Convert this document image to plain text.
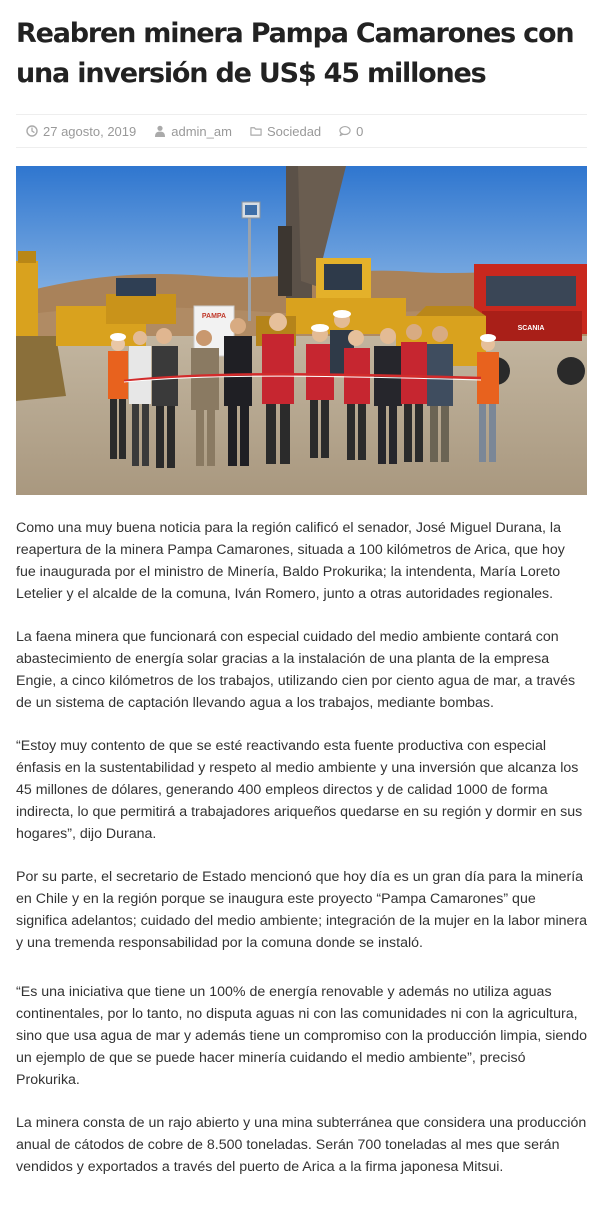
Reabren minera Pampa Camarones con una inversión de US$ 45 millones
27 agosto, 2019	admin_am	Sociedad	0
PAMPA
SCANIA

Como una muy buena noticia para la región calificó el senador, José Miguel Durana, la reapertura de la minera Pampa Camarones, situada a 100 kilómetros de Arica, que hoy fue inaugurada por el ministro de Minería, Baldo Prokurika; la intendenta, María Loreto Letelier y el alcalde de la comuna, Iván Romero, junto a otras autoridades regionales.

La faena minera que funcionará con especial cuidado del medio ambiente contará con abastecimiento de energía solar gracias a la instalación de una planta de la empresa Engie, a cinco kilómetros de los trabajos, utilizando cien por ciento agua de mar, a través de un sistema de captación llevando agua a los trabajos, mediante bombas.

“Estoy muy contento de que se esté reactivando esta fuente productiva con especial énfasis en la sustentabilidad y respeto al medio ambiente y una inversión que alcanza los 45 millones de dólares, generando 400 empleos directos y de calidad 1000 de forma indirecta, lo que permitirá a trabajadores ariqueños quedarse en su región y dormir en sus hogares”, dijo Durana.

Por su parte, el secretario de Estado mencionó que hoy día es un gran día para la minería en Chile y en la región porque se inaugura este proyecto “Pampa Camarones” que significa adelantos; cuidado del medio ambiente; integración de la mujer en la labor minera y una tremenda responsabilidad por la comuna donde se instaló.

“Es una iniciativa que tiene un 100% de energía renovable y además no utiliza aguas continentales, por lo tanto, no disputa aguas ni con las comunidades ni con la agricultura, sino que usa agua de mar y además tiene un compromiso con la producción limpia, siendo un ejemplo de que se puede hacer minería cuidando el medio ambiente”, precisó Prokurika.

La minera consta de un rajo abierto y una mina subterránea que considera una producción anual de cátodos de cobre de 8.500 toneladas. Serán 700 toneladas al mes que serán vendidos y exportados a través del puerto de Arica a la firma japonesa Mitsui.
